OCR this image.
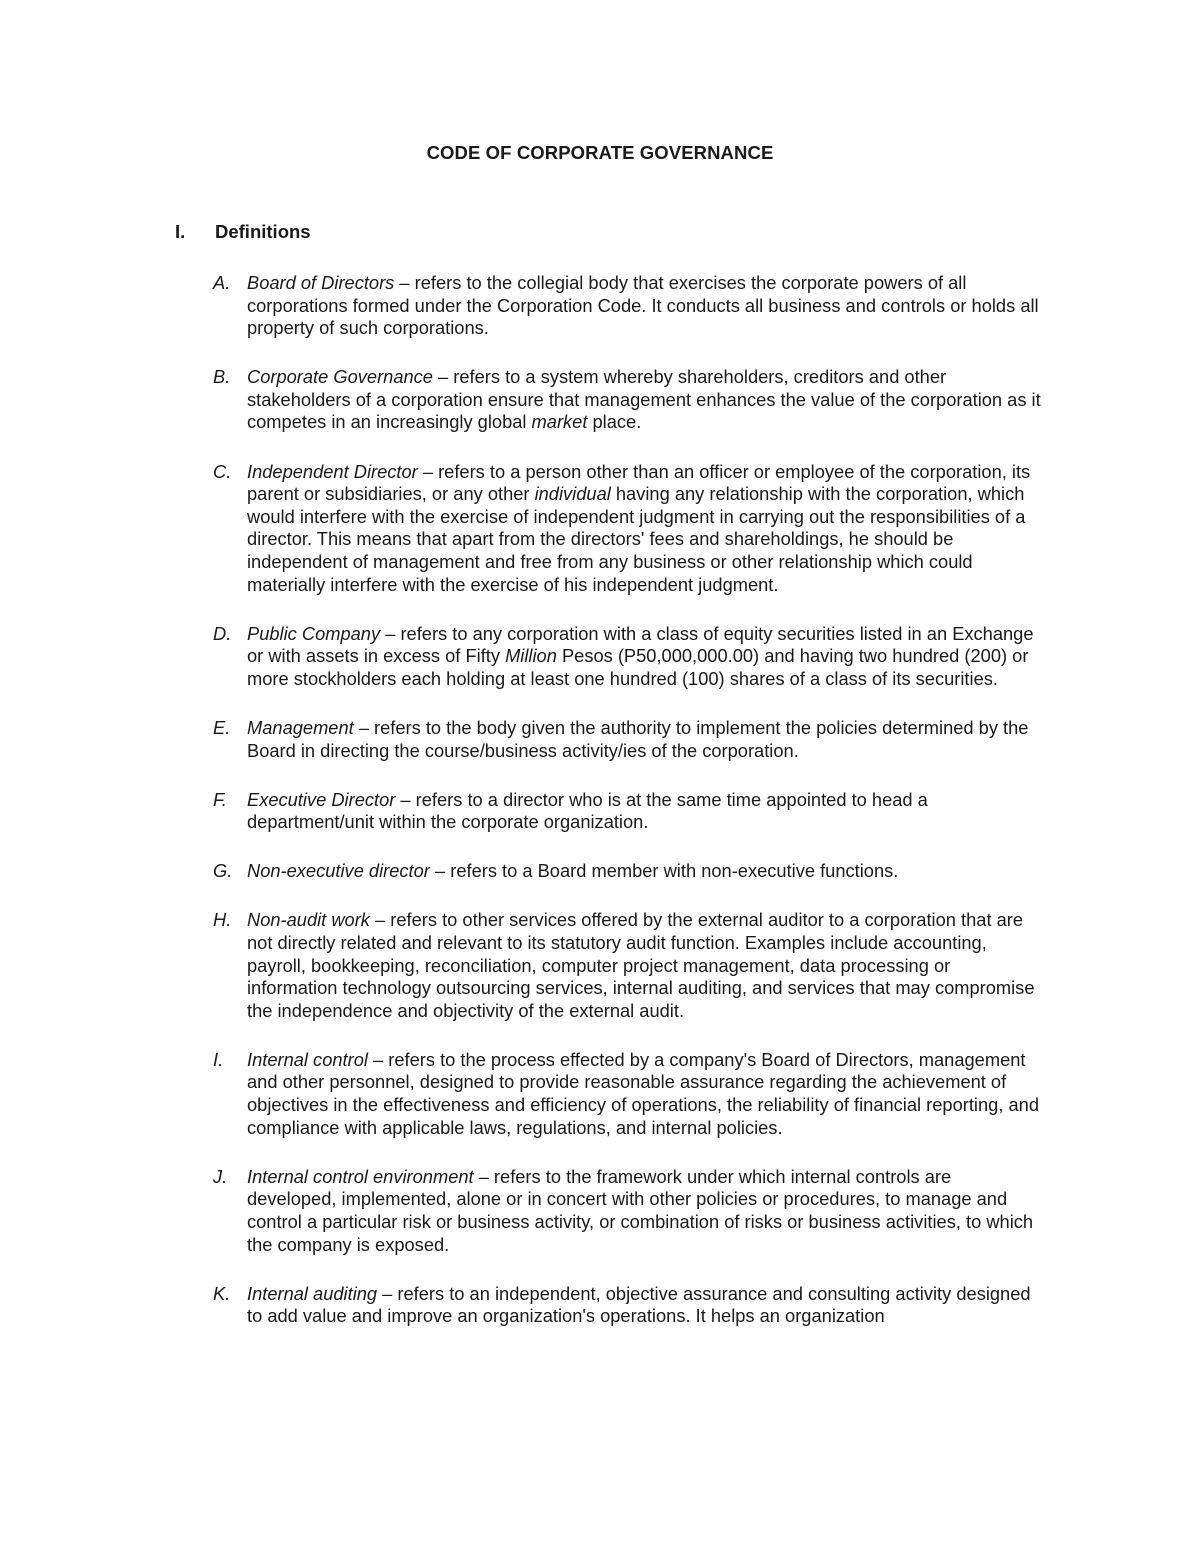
CODE OF CORPORATE GOVERNANCE
I. Definitions
A. Board of Directors – refers to the collegial body that exercises the corporate powers of all corporations formed under the Corporation Code. It conducts all business and controls or holds all property of such corporations.
B. Corporate Governance – refers to a system whereby shareholders, creditors and other stakeholders of a corporation ensure that management enhances the value of the corporation as it competes in an increasingly global market place.
C. Independent Director – refers to a person other than an officer or employee of the corporation, its parent or subsidiaries, or any other individual having any relationship with the corporation, which would interfere with the exercise of independent judgment in carrying out the responsibilities of a director. This means that apart from the directors' fees and shareholdings, he should be independent of management and free from any business or other relationship which could materially interfere with the exercise of his independent judgment.
D. Public Company – refers to any corporation with a class of equity securities listed in an Exchange or with assets in excess of Fifty Million Pesos (P50,000,000.00) and having two hundred (200) or more stockholders each holding at least one hundred (100) shares of a class of its securities.
E. Management – refers to the body given the authority to implement the policies determined by the Board in directing the course/business activity/ies of the corporation.
F. Executive Director – refers to a director who is at the same time appointed to head a department/unit within the corporate organization.
G. Non-executive director – refers to a Board member with non-executive functions.
H. Non-audit work – refers to other services offered by the external auditor to a corporation that are not directly related and relevant to its statutory audit function. Examples include accounting, payroll, bookkeeping, reconciliation, computer project management, data processing or information technology outsourcing services, internal auditing, and services that may compromise the independence and objectivity of the external audit.
I. Internal control – refers to the process effected by a company's Board of Directors, management and other personnel, designed to provide reasonable assurance regarding the achievement of objectives in the effectiveness and efficiency of operations, the reliability of financial reporting, and compliance with applicable laws, regulations, and internal policies.
J. Internal control environment – refers to the framework under which internal controls are developed, implemented, alone or in concert with other policies or procedures, to manage and control a particular risk or business activity, or combination of risks or business activities, to which the company is exposed.
K. Internal auditing – refers to an independent, objective assurance and consulting activity designed to add value and improve an organization's operations. It helps an organization
